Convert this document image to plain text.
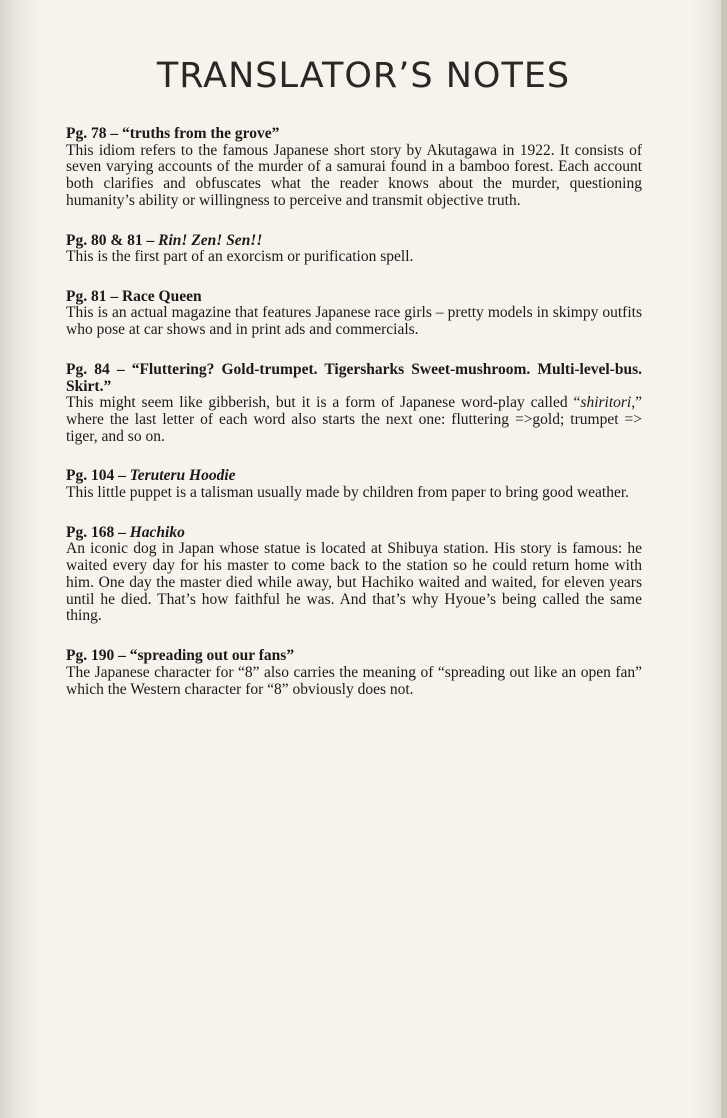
TRANSLATOR’S NOTES

Pg. 78 – “truths from the grove”

This idiom refers to the famous Japanese short story by Akutagawa in 1922. It consists of seven varying accounts of the murder of a samurai found in a bamboo forest. Each account both clarifies and obfuscates what the reader knows about the murder, questioning humanity’s ability or willingness to perceive and transmit objective truth.

Pg. 80 & 81 – Rin! Zen! Sen!!

This is the first part of an exorcism or purification spell.

Pg. 81 – Race Queen

This is an actual magazine that features Japanese race girls – pretty models in skimpy outfits who pose at car shows and in print ads and commercials.

Pg. 84 – “Fluttering? Gold-trumpet. Tigersharks Sweet-mushroom. Multi-level-bus. Skirt.”

This might seem like gibberish, but it is a form of Japanese word-play called “shiritori,” where the last letter of each word also starts the next one: fluttering =>gold; trumpet => tiger, and so on.

Pg. 104 – Teruteru Hoodie

This little puppet is a talisman usually made by children from paper to bring good weather.

Pg. 168 – Hachiko

An iconic dog in Japan whose statue is located at Shibuya station. His story is famous: he waited every day for his master to come back to the station so he could return home with him. One day the master died while away, but Hachiko waited and waited, for eleven years until he died. That’s how faithful he was. And that’s why Hyoue’s being called the same thing.

Pg. 190 – “spreading out our fans”

The Japanese character for “8” also carries the meaning of “spreading out like an open fan” which the Western character for “8” obviously does not.
